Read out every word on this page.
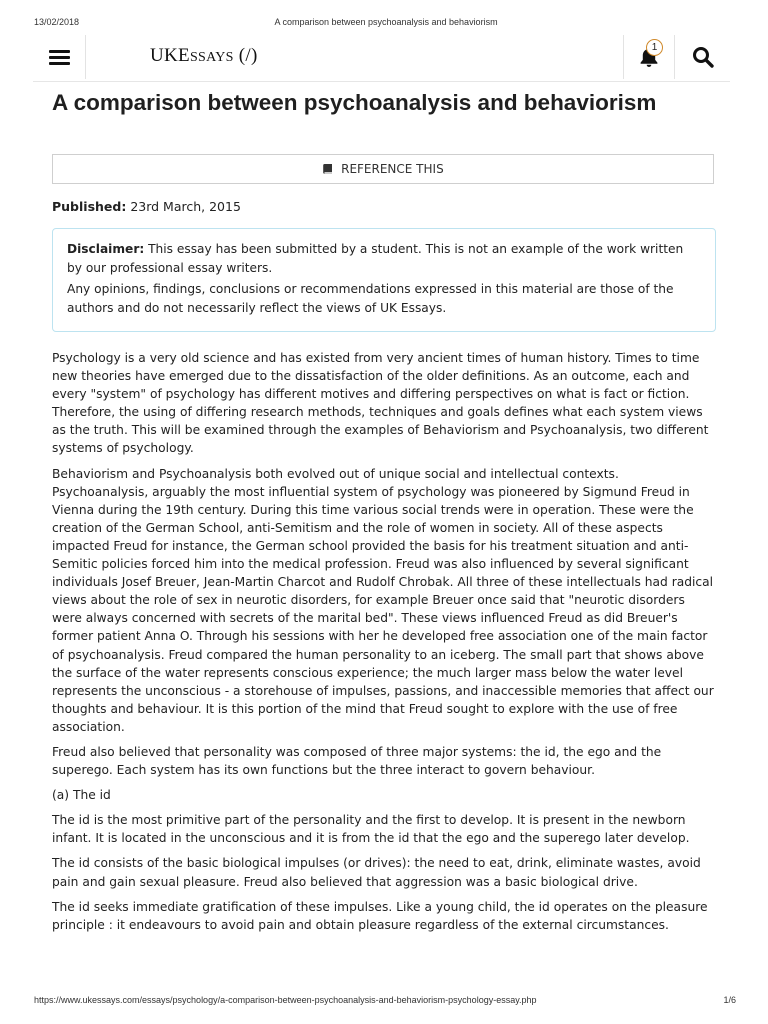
13/02/2018	A comparison between psychoanalysis and behaviorism
UKESSAYS (/)	1
A comparison between psychoanalysis and behaviorism
REFERENCE THIS
Published: 23rd March, 2015

Disclaimer: This essay has been submitted by a student. This is not an example of the work written by our professional essay writers.

Any opinions, findings, conclusions or recommendations expressed in this material are those of the authors and do not necessarily reflect the views of UK Essays.

Psychology is a very old science and has existed from very ancient times of human history. Times to time new theories have emerged due to the dissatisfaction of the older definitions. As an outcome, each and every "system" of psychology has different motives and differing perspectives on what is fact or fiction. Therefore, the using of differing research methods, techniques and goals defines what each system views as the truth. This will be examined through the examples of Behaviorism and Psychoanalysis, two different systems of psychology.

Behaviorism and Psychoanalysis both evolved out of unique social and intellectual contexts. Psychoanalysis, arguably the most influential system of psychology was pioneered by Sigmund Freud in Vienna during the 19th century. During this time various social trends were in operation. These were the creation of the German School, anti-Semitism and the role of women in society. All of these aspects impacted Freud for instance, the German school provided the basis for his treatment situation and anti-Semitic policies forced him into the medical profession. Freud was also influenced by several significant individuals Josef Breuer, Jean-Martin Charcot and Rudolf Chrobak. All three of these intellectuals had radical views about the role of sex in neurotic disorders, for example Breuer once said that "neurotic disorders were always concerned with secrets of the marital bed". These views influenced Freud as did Breuer's former patient Anna O. Through his sessions with her he developed free association one of the main factor of psychoanalysis. Freud compared the human personality to an iceberg. The small part that shows above the surface of the water represents conscious experience; the much larger mass below the water level represents the unconscious - a storehouse of impulses, passions, and inaccessible memories that affect our thoughts and behaviour. It is this portion of the mind that Freud sought to explore with the use of free association.

Freud also believed that personality was composed of three major systems: the id, the ego and the superego. Each system has its own functions but the three interact to govern behaviour.

(a) The id

The id is the most primitive part of the personality and the first to develop. It is present in the newborn infant. It is located in the unconscious and it is from the id that the ego and the superego later develop.

The id consists of the basic biological impulses (or drives): the need to eat, drink, eliminate wastes, avoid pain and gain sexual pleasure. Freud also believed that aggression was a basic biological drive.

The id seeks immediate gratification of these impulses. Like a young child, the id operates on the pleasure principle : it endeavours to avoid pain and obtain pleasure regardless of the external circumstances.

https://www.ukessays.com/essays/psychology/a-comparison-between-psychoanalysis-and-behaviorism-psychology-essay.php	1/6
